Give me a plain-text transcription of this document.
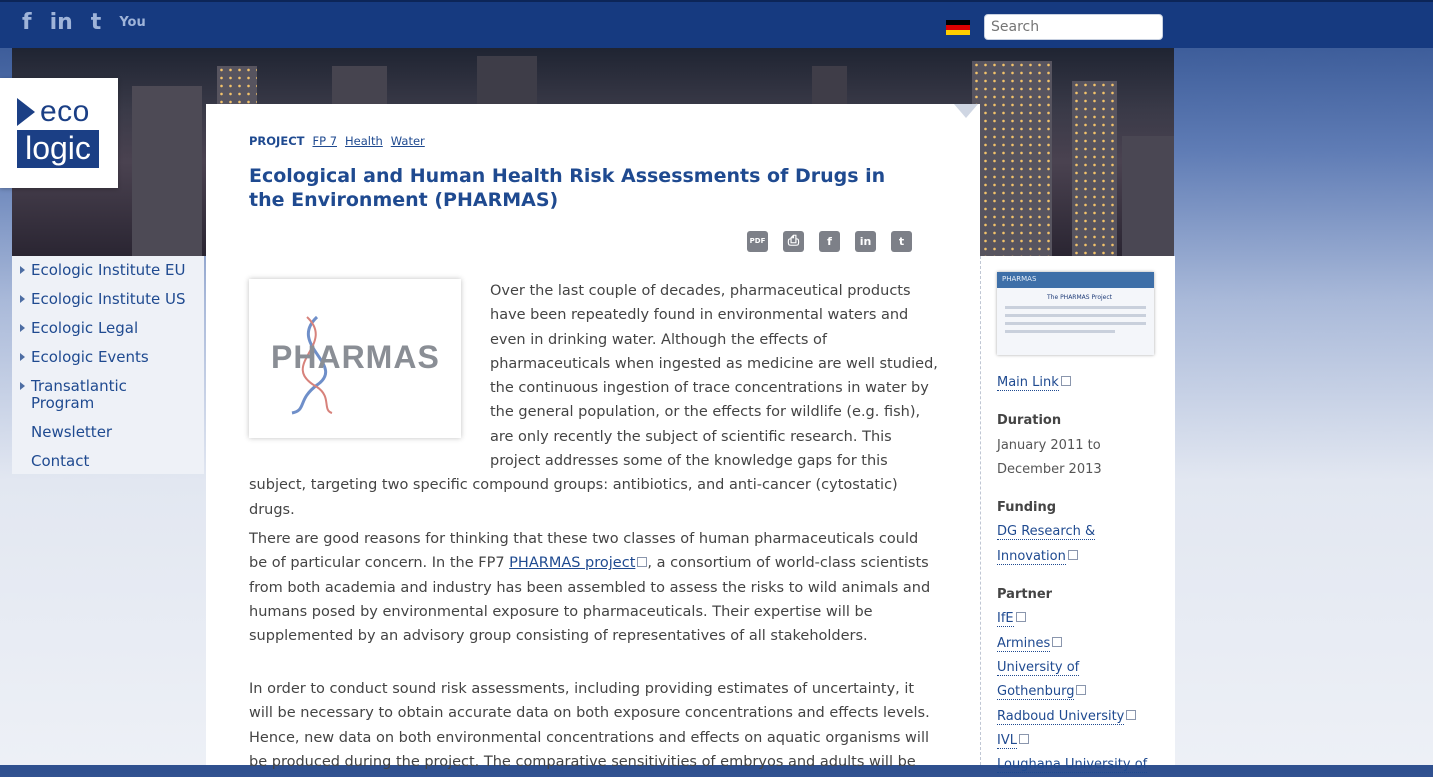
f in t You
Search
eco
logic
Ecologic Institute EU
Ecologic Institute US
Ecologic Legal
Ecologic Events
Transatlantic Program
Newsletter
Contact
PROJECT FP 7 Health Water
Ecological and Human Health Risk Assessments of Drugs in the Environment (PHARMAS)
PDF	⎙	f	in	t
PHARMAS

Over the last couple of decades, pharmaceutical products have been repeatedly found in environmental waters and even in drinking water. Although the effects of pharmaceuticals when ingested as medicine are well studied, the continuous ingestion of trace concentrations in water by the general population, or the effects for wildlife (e.g. fish), are only recently the subject of scientific research. This project addresses some of the knowledge gaps for this subject, targeting two specific compound groups: antibiotics, and anti-cancer (cytostatic) drugs.

There are good reasons for thinking that these two classes of human pharmaceuticals could be of particular concern. In the FP7 PHARMAS project , a consortium of world-class scientists from both academia and industry has been assembled to assess the risks to wild animals and humans posed by environmental exposure to pharmaceuticals. Their expertise will be supplemented by an advisory group consisting of representatives of all stakeholders.

In order to conduct sound risk assessments, including providing estimates of uncertainty, it will be necessary to obtain accurate data on both exposure concentrations and effects levels. Hence, new data on both environmental concentrations and effects on aquatic organisms will be produced during the project. The comparative sensitivities of embryos and adults will be

PHARMAS
The PHARMAS Project
Main Link
Duration
January 2011 to December 2013
Funding
DG Research & Innovation
Partner
IfE
Armines
University of Gothenburg
Radboud University
IVL
Loughana University of
